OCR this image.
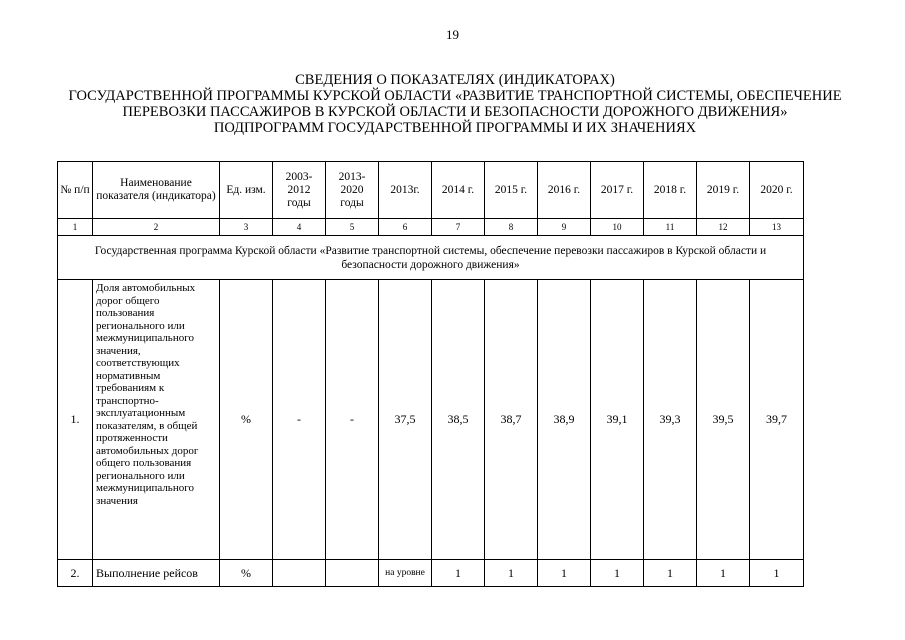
19
СВЕДЕНИЯ О ПОКАЗАТЕЛЯХ (ИНДИКАТОРАХ)
ГОСУДАРСТВЕННОЙ ПРОГРАММЫ КУРСКОЙ ОБЛАСТИ «РАЗВИТИЕ ТРАНСПОРТНОЙ СИСТЕМЫ, ОБЕСПЕЧЕНИЕ
ПЕРЕВОЗКИ ПАССАЖИРОВ В КУРСКОЙ ОБЛАСТИ И БЕЗОПАСНОСТИ ДОРОЖНОГО ДВИЖЕНИЯ»
ПОДПРОГРАММ ГОСУДАРСТВЕННОЙ ПРОГРАММЫ И ИХ ЗНАЧЕНИЯХ
№ п/п	Наименование показателя (индикатора)	Ед. изм.	2003-2012 годы	2013-2020 годы	2013г.	2014 г.	2015 г.	2016 г.	2017 г.	2018 г.	2019 г.	2020 г.
1	2	3	4	5	6	7	8	9	10	11	12	13
Государственная программа Курской области «Развитие транспортной системы, обеспечение перевозки пассажиров в Курской области и безопасности дорожного движения»												
1.	Доля автомобильных дорог общего пользования регионального или межмуниципального значения, соответствующих нормативным требованиям к транспортно-эксплуатационным показателям, в общей протяженности автомобильных дорог общего пользования регионального или межмуниципального значения	%	-	-	37,5	38,5	38,7	38,9	39,1	39,3	39,5	39,7
2.	Выполнение рейсов	%			на уровне	1	1	1	1	1	1	1
